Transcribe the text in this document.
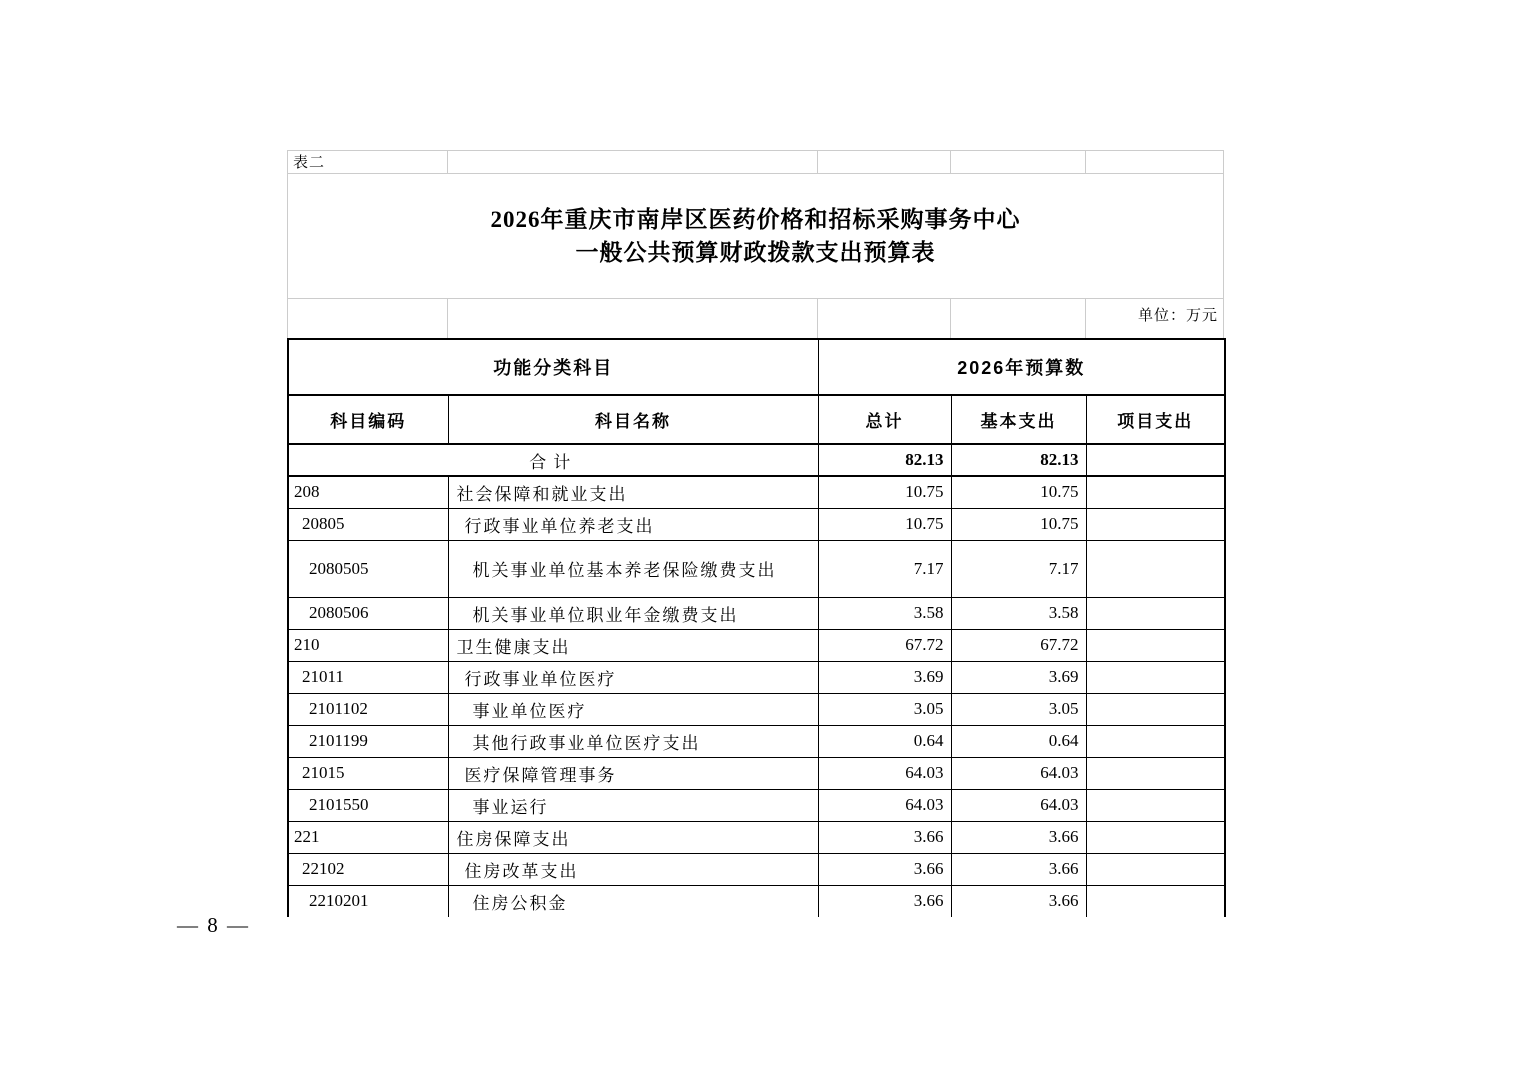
表二
2026年重庆市南岸区医药价格和招标采购事务中心
一般公共预算财政拨款支出预算表
单位：万元
功能分类科目		2026年预算数		
科目编码	科目名称	总计	基本支出	项目支出
合计		82.13	82.13	
208	社会保障和就业支出	10.75	10.75	
20805	行政事业单位养老支出	10.75	10.75	
2080505	机关事业单位基本养老保险缴费支出	7.17	7.17	
2080506	机关事业单位职业年金缴费支出	3.58	3.58	
210	卫生健康支出	67.72	67.72	
21011	行政事业单位医疗	3.69	3.69	
2101102	事业单位医疗	3.05	3.05	
2101199	其他行政事业单位医疗支出	0.64	0.64	
21015	医疗保障管理事务	64.03	64.03	
2101550	事业运行	64.03	64.03	
221	住房保障支出	3.66	3.66	
22102	住房改革支出	3.66	3.66	
2210201	住房公积金	3.66	3.66	
— 8 —
